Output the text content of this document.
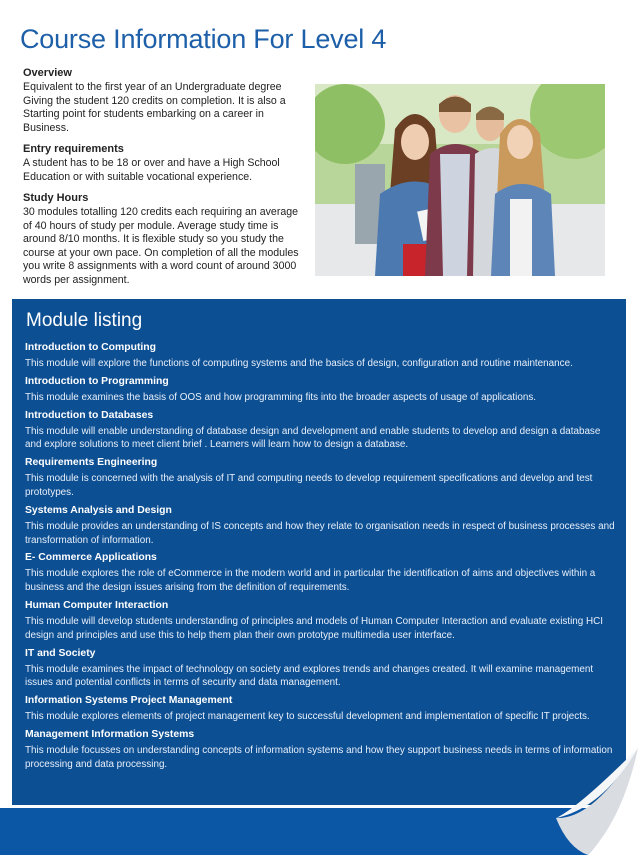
Course Information For Level 4
Overview

Equivalent to the first year of an Undergraduate degree Giving the student 120 credits on completion. It is also a Starting point for students embarking on a career in Business.

Entry requirements

A student has to be 18 or over and have a High School Education or with suitable vocational experience.

Study Hours

30 modules totalling 120 credits each requiring an average of 40 hours of study per module. Average study time is around 8/10 months. It is flexible study so you study the course at your own pace. On completion of all the modules you write 8 assignments with a word count of around 3000 words per assignment.

Module listing
Introduction to Computing

This module will explore the functions of computing systems and the basics of design, configuration and routine maintenance.

Introduction to Programming

This module examines the basis of OOS and how programming fits into the broader aspects of usage of applications.

Introduction to Databases

This module will enable understanding of database design and development and enable students to develop and design a database and explore solutions to meet client brief . Learners will learn how to design a database.

Requirements Engineering

This module is concerned with the analysis of IT and computing needs to develop requirement specifications and develop and test prototypes.

Systems Analysis and Design

This module provides an understanding of IS concepts and how they relate to organisation needs in respect of business processes and transformation of information.

E- Commerce Applications

This module explores the role of eCommerce in the modern world and in particular the identification of aims and objectives within a business and the design issues arising from the definition of requirements.

Human Computer Interaction

This module will develop students understanding of principles and models of Human Computer Interaction and evaluate existing HCI design and principles and use this to help them plan their own prototype multimedia user interface.

IT and Society

This module examines the impact of technology on society and explores trends and changes created. It will examine management issues and potential conflicts in terms of security and data management.

Information Systems Project Management

This module explores elements of project management key to successful development and implementation of specific IT projects.

Management Information Systems

This module focusses on understanding concepts of information systems and how they support business needs in terms of information processing and data processing.
